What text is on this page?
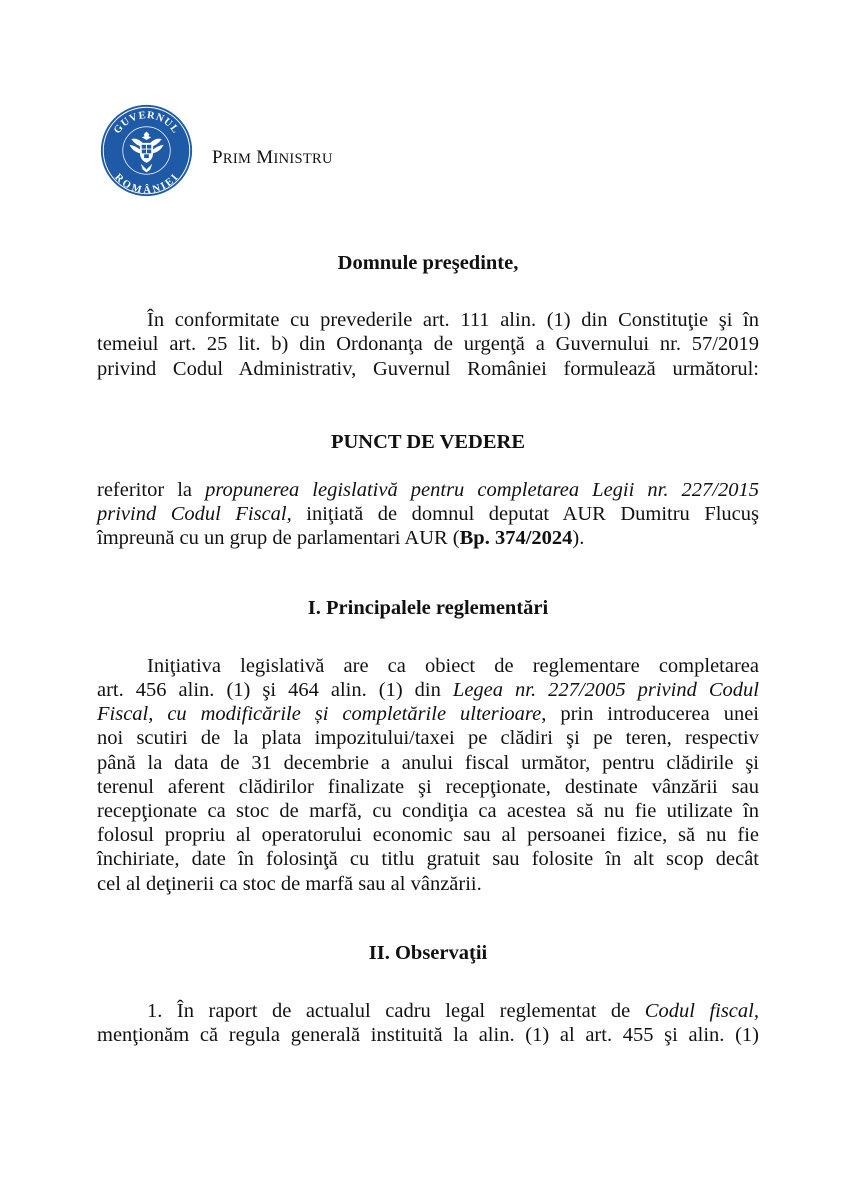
GUVERNUL
ROMÂNIEI
PRIM MINISTRU

Domnule preşedinte,

În conformitate cu prevederile art. 111 alin. (1) din Constituţie şi în
temeiul art. 25 lit. b) din Ordonanţa de urgenţă a Guvernului nr. 57/2019
privind Codul Administrativ, Guvernul României formulează următorul:

PUNCT DE VEDERE

referitor la propunerea legislativă pentru completarea Legii nr. 227/2015
privind Codul Fiscal, iniţiată de domnul deputat AUR Dumitru Flucuş
împreună cu un grup de parlamentari AUR (Bp. 374/2024).

I. Principalele reglementări

Iniţiativa legislativă are ca obiect de reglementare completarea
art. 456 alin. (1) şi 464 alin. (1) din Legea nr. 227/2005 privind Codul
Fiscal, cu modificările și completările ulterioare, prin introducerea unei
noi scutiri de la plata impozitului/taxei pe clădiri şi pe teren, respectiv
până la data de 31 decembrie a anului fiscal următor, pentru clădirile şi
terenul aferent clădirilor finalizate şi recepţionate, destinate vânzării sau
recepţionate ca stoc de marfă, cu condiţia ca acestea să nu fie utilizate în
folosul propriu al operatorului economic sau al persoanei fizice, să nu fie
închiriate, date în folosinţă cu titlu gratuit sau folosite în alt scop decât
cel al deţinerii ca stoc de marfă sau al vânzării.

II. Observaţii

1. În raport de actualul cadru legal reglementat de Codul fiscal,
menţionăm că regula generală instituită la alin. (1) al art. 455 şi alin. (1)
